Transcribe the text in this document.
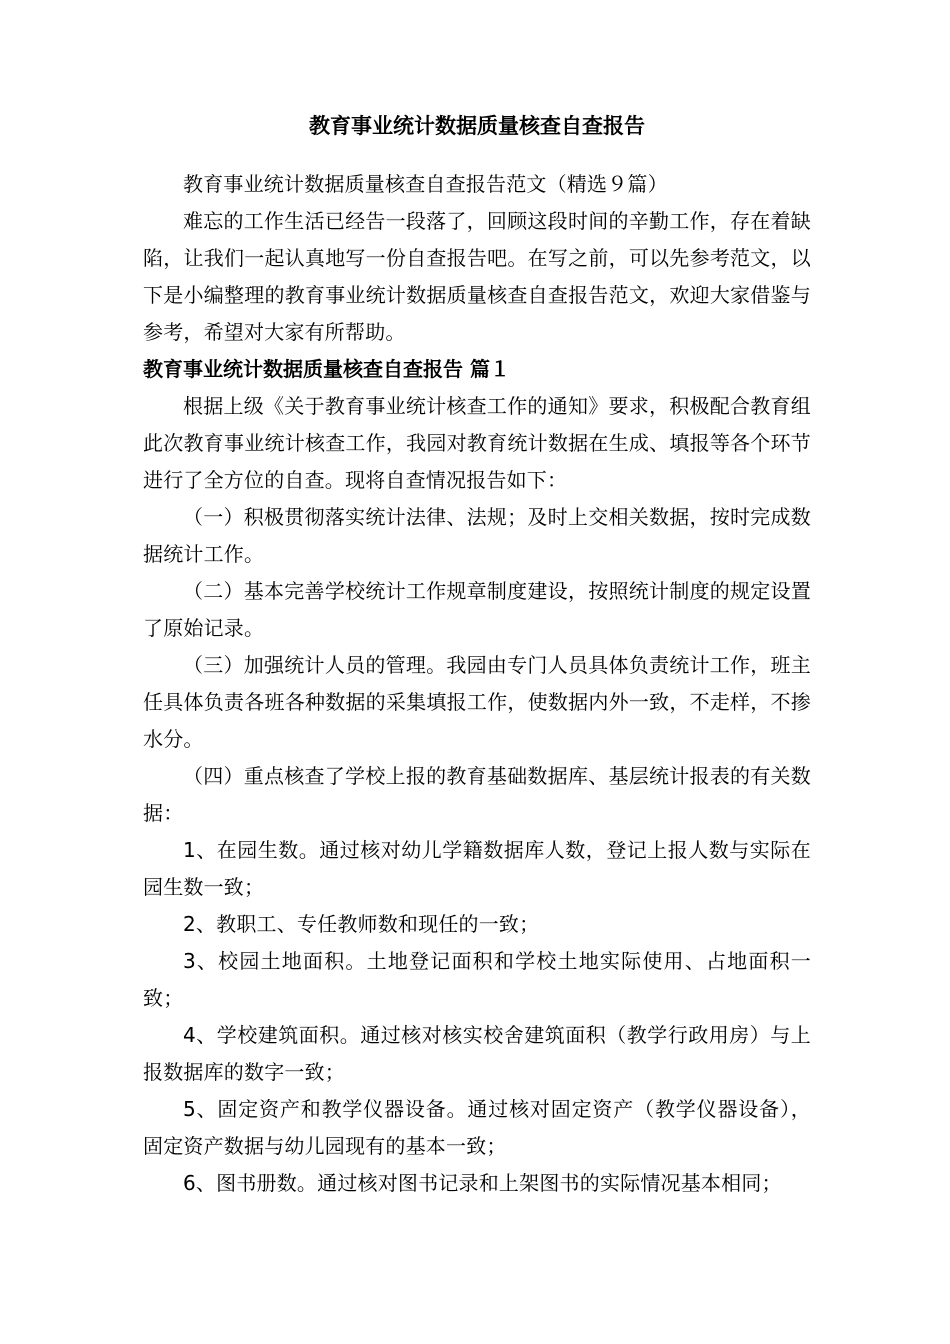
教育事业统计数据质量核查自查报告

教育事业统计数据质量核查自查报告范文（精选９篇）

难忘的工作生活已经告一段落了，回顾这段时间的辛勤工作，存在着缺陷，让我们一起认真地写一份自查报告吧。在写之前，可以先参考范文，以下是小编整理的教育事业统计数据质量核查自查报告范文，欢迎大家借鉴与参考，希望对大家有所帮助。

教育事业统计数据质量核查自查报告 篇１

根据上级《关于教育事业统计核查工作的通知》要求，积极配合教育组此次教育事业统计核查工作，我园对教育统计数据在生成、填报等各个环节进行了全方位的自查。现将自查情况报告如下：

（一）积极贯彻落实统计法律、法规；及时上交相关数据，按时完成数据统计工作。

（二）基本完善学校统计工作规章制度建设，按照统计制度的规定设置了原始记录。

（三）加强统计人员的管理。我园由专门人员具体负责统计工作，班主任具体负责各班各种数据的采集填报工作，使数据内外一致，不走样，不掺水分。

（四）重点核查了学校上报的教育基础数据库、基层统计报表的有关数据：

1、在园生数。通过核对幼儿学籍数据库人数，登记上报人数与实际在园生数一致；

2、教职工、专任教师数和现任的一致；

3、校园土地面积。土地登记面积和学校土地实际使用、占地面积一致；

4、学校建筑面积。通过核对核实校舍建筑面积（教学行政用房）与上报数据库的数字一致；

5、固定资产和教学仪器设备。通过核对固定资产（教学仪器设备），固定资产数据与幼儿园现有的基本一致；

6、图书册数。通过核对图书记录和上架图书的实际情况基本相同；
